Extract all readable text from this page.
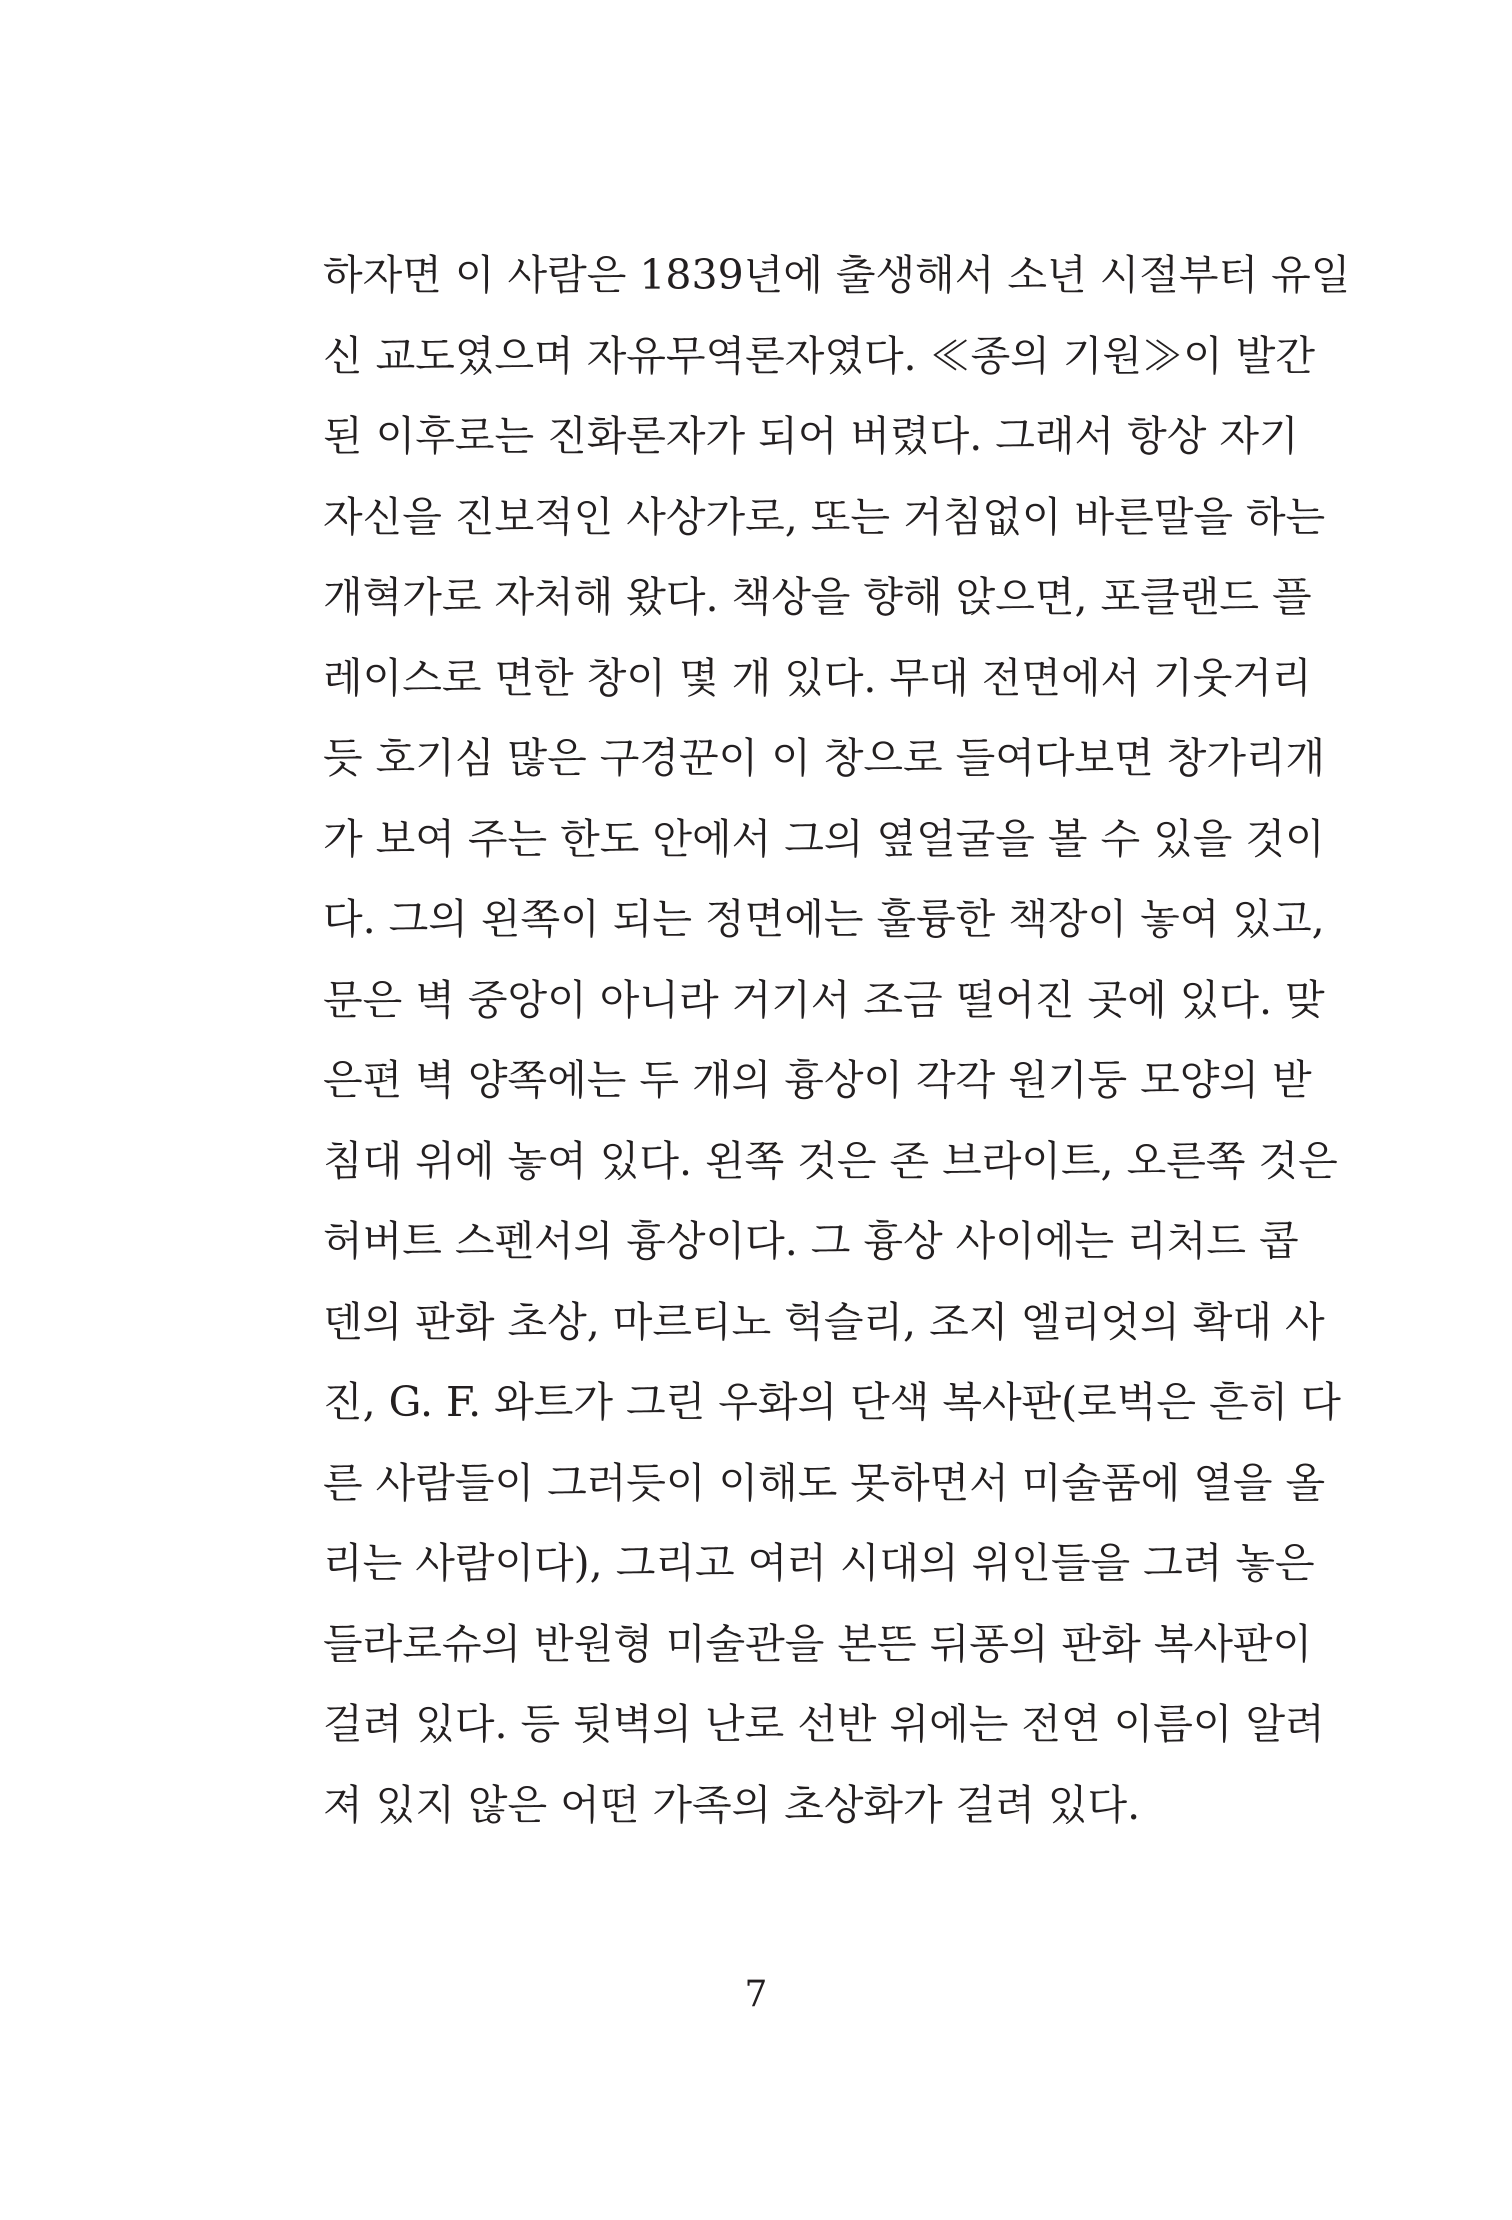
하자면 이 사람은 1839년에 출생해서 소년 시절부터 유일
신 교도였으며 자유무역론자였다. ≪종의 기원≫이 발간
된 이후로는 진화론자가 되어 버렸다. 그래서 항상 자기
자신을 진보적인 사상가로, 또는 거침없이 바른말을 하는
개혁가로 자처해 왔다. 책상을 향해 앉으면, 포클랜드 플
레이스로 면한 창이 몇 개 있다. 무대 전면에서 기웃거리
듯 호기심 많은 구경꾼이 이 창으로 들여다보면 창가리개
가 보여 주는 한도 안에서 그의 옆얼굴을 볼 수 있을 것이
다. 그의 왼쪽이 되는 정면에는 훌륭한 책장이 놓여 있고,
문은 벽 중앙이 아니라 거기서 조금 떨어진 곳에 있다. 맞
은편 벽 양쪽에는 두 개의 흉상이 각각 원기둥 모양의 받
침대 위에 놓여 있다. 왼쪽 것은 존 브라이트, 오른쪽 것은
허버트 스펜서의 흉상이다. 그 흉상 사이에는 리처드 콥
덴의 판화 초상, 마르티노 헉슬리, 조지 엘리엇의 확대 사
진, G. F. 와트가 그린 우화의 단색 복사판(로벅은 흔히 다
른 사람들이 그러듯이 이해도 못하면서 미술품에 열을 올
리는 사람이다), 그리고 여러 시대의 위인들을 그려 놓은
들라로슈의 반원형 미술관을 본뜬 뒤퐁의 판화 복사판이
걸려 있다. 등 뒷벽의 난로 선반 위에는 전연 이름이 알려
져 있지 않은 어떤 가족의 초상화가 걸려 있다.
7
